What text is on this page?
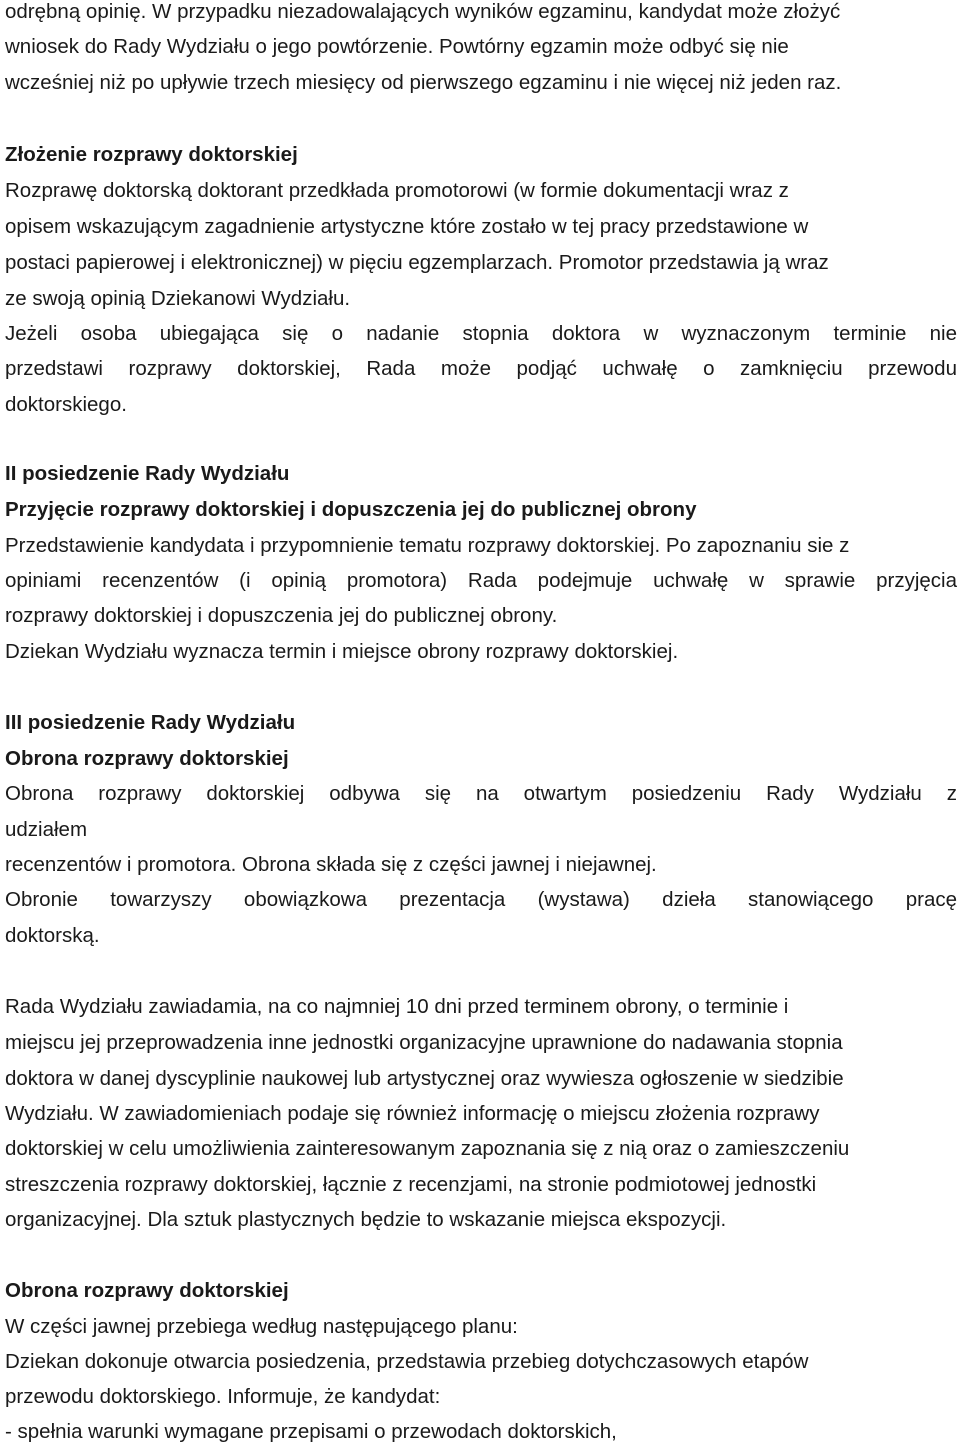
odrębną opinię. W przypadku niezadowalających wyników egzaminu, kandydat może złożyć
wniosek do Rady Wydziału o jego powtórzenie. Powtórny egzamin może odbyć się nie
wcześniej niż po upływie trzech miesięcy od pierwszego egzaminu i nie więcej niż jeden raz.
Złożenie rozprawy doktorskiej
Rozprawę doktorską doktorant przedkłada promotorowi (w formie dokumentacji wraz z
opisem wskazującym zagadnienie artystyczne które zostało w tej pracy przedstawione w
postaci papierowej i elektronicznej) w pięciu egzemplarzach. Promotor przedstawia ją wraz
ze swoją opinią Dziekanowi Wydziału.
Jeżeli osoba ubiegająca się o nadanie stopnia doktora w wyznaczonym terminie nie
przedstawi rozprawy doktorskiej, Rada może podjąć uchwałę o zamknięciu przewodu
doktorskiego.
II posiedzenie Rady Wydziału
Przyjęcie rozprawy doktorskiej i dopuszczenia jej do publicznej obrony
Przedstawienie kandydata i przypomnienie tematu rozprawy doktorskiej. Po zapoznaniu sie z
opiniami recenzentów (i opinią promotora) Rada podejmuje uchwałę w sprawie przyjęcia
rozprawy doktorskiej i dopuszczenia jej do publicznej obrony.
Dziekan Wydziału wyznacza termin i miejsce obrony rozprawy doktorskiej.
III posiedzenie Rady Wydziału
Obrona rozprawy doktorskiej
Obrona rozprawy doktorskiej odbywa się na otwartym posiedzeniu Rady Wydziału z
udziałem
recenzentów i promotora. Obrona składa się z części jawnej i niejawnej.
Obronie towarzyszy obowiązkowa prezentacja (wystawa) dzieła stanowiącego pracę
doktorską.
Rada Wydziału zawiadamia, na co najmniej 10 dni przed terminem obrony, o terminie i
miejscu jej przeprowadzenia inne jednostki organizacyjne uprawnione do nadawania stopnia
doktora w danej dyscyplinie naukowej lub artystycznej oraz wywiesza ogłoszenie w siedzibie
Wydziału. W zawiadomieniach podaje się również informację o miejscu złożenia rozprawy
doktorskiej w celu umożliwienia zainteresowanym zapoznania się z nią oraz o zamieszczeniu
streszczenia rozprawy doktorskiej, łącznie z recenzjami, na stronie podmiotowej jednostki
organizacyjnej. Dla sztuk plastycznych będzie to wskazanie miejsca ekspozycji.
Obrona rozprawy doktorskiej
W części jawnej przebiega według następującego planu:
Dziekan dokonuje otwarcia posiedzenia, przedstawia przebieg dotychczasowych etapów
przewodu doktorskiego. Informuje, że kandydat:
- spełnia warunki wymagane przepisami o przewodach doktorskich,
